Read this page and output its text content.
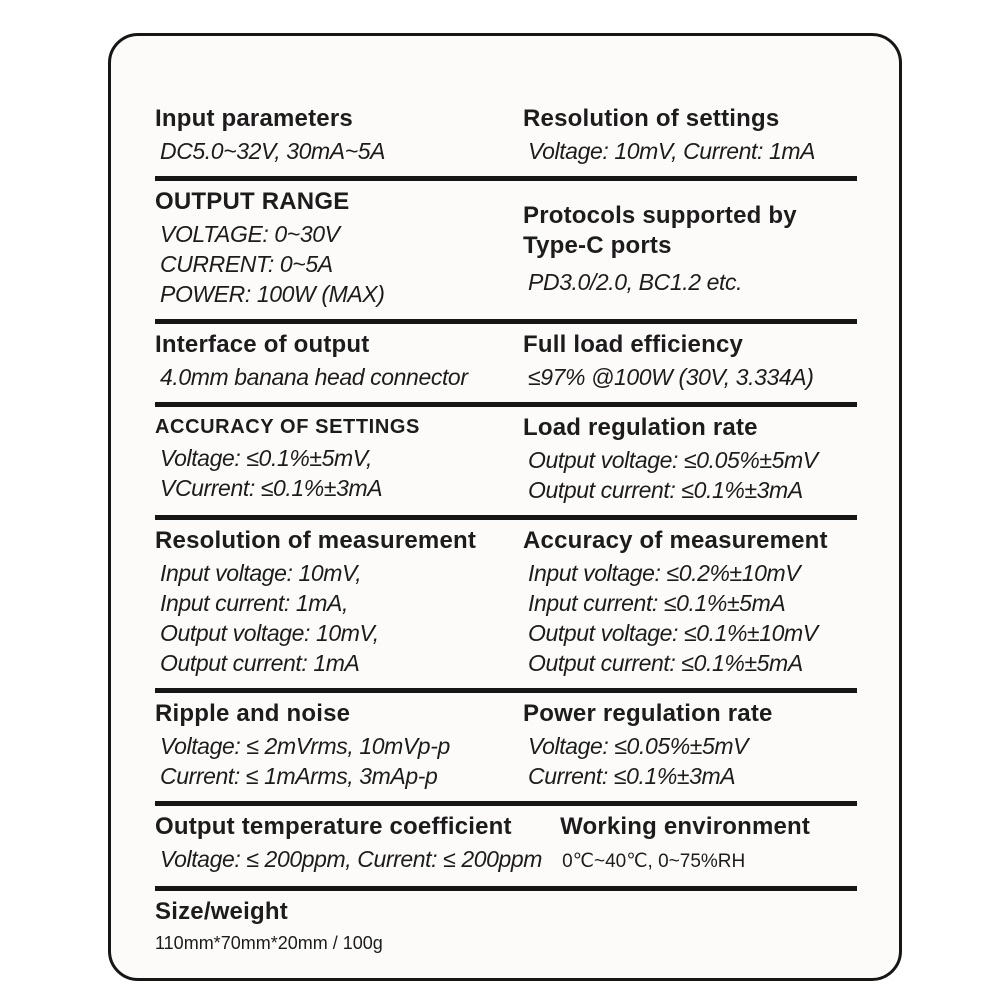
Input parameters
DC5.0~32V, 30mA~5A
Resolution of settings
Voltage: 10mV, Current: 1mA
OUTPUT RANGE
VOLTAGE: 0~30V
CURRENT: 0~5A
POWER: 100W (MAX)
Protocols supported by Type-C ports
PD3.0/2.0, BC1.2 etc.
Interface of output
4.0mm banana head connector
Full load efficiency
≤97% @100W (30V, 3.334A)
ACCURACY OF SETTINGS
Voltage: ≤0.1%±5mV,
VCurrent: ≤0.1%±3mA
Load regulation rate
Output voltage: ≤0.05%±5mV
Output current: ≤0.1%±3mA
Resolution of measurement
Input voltage: 10mV,
Input current: 1mA,
Output voltage: 10mV,
Output current: 1mA
Accuracy of measurement
Input voltage: ≤0.2%±10mV
Input current: ≤0.1%±5mA
Output voltage: ≤0.1%±10mV
Output current: ≤0.1%±5mA
Ripple and noise
Voltage: ≤ 2mVrms, 10mVp-p
Current: ≤ 1mArms, 3mAp-p
Power regulation rate
Voltage: ≤0.05%±5mV
Current: ≤0.1%±3mA
Output temperature coefficient
Voltage: ≤ 200ppm, Current: ≤ 200ppm
Working environment
0℃~40℃, 0~75%RH
Size/weight
110mm*70mm*20mm / 100g
